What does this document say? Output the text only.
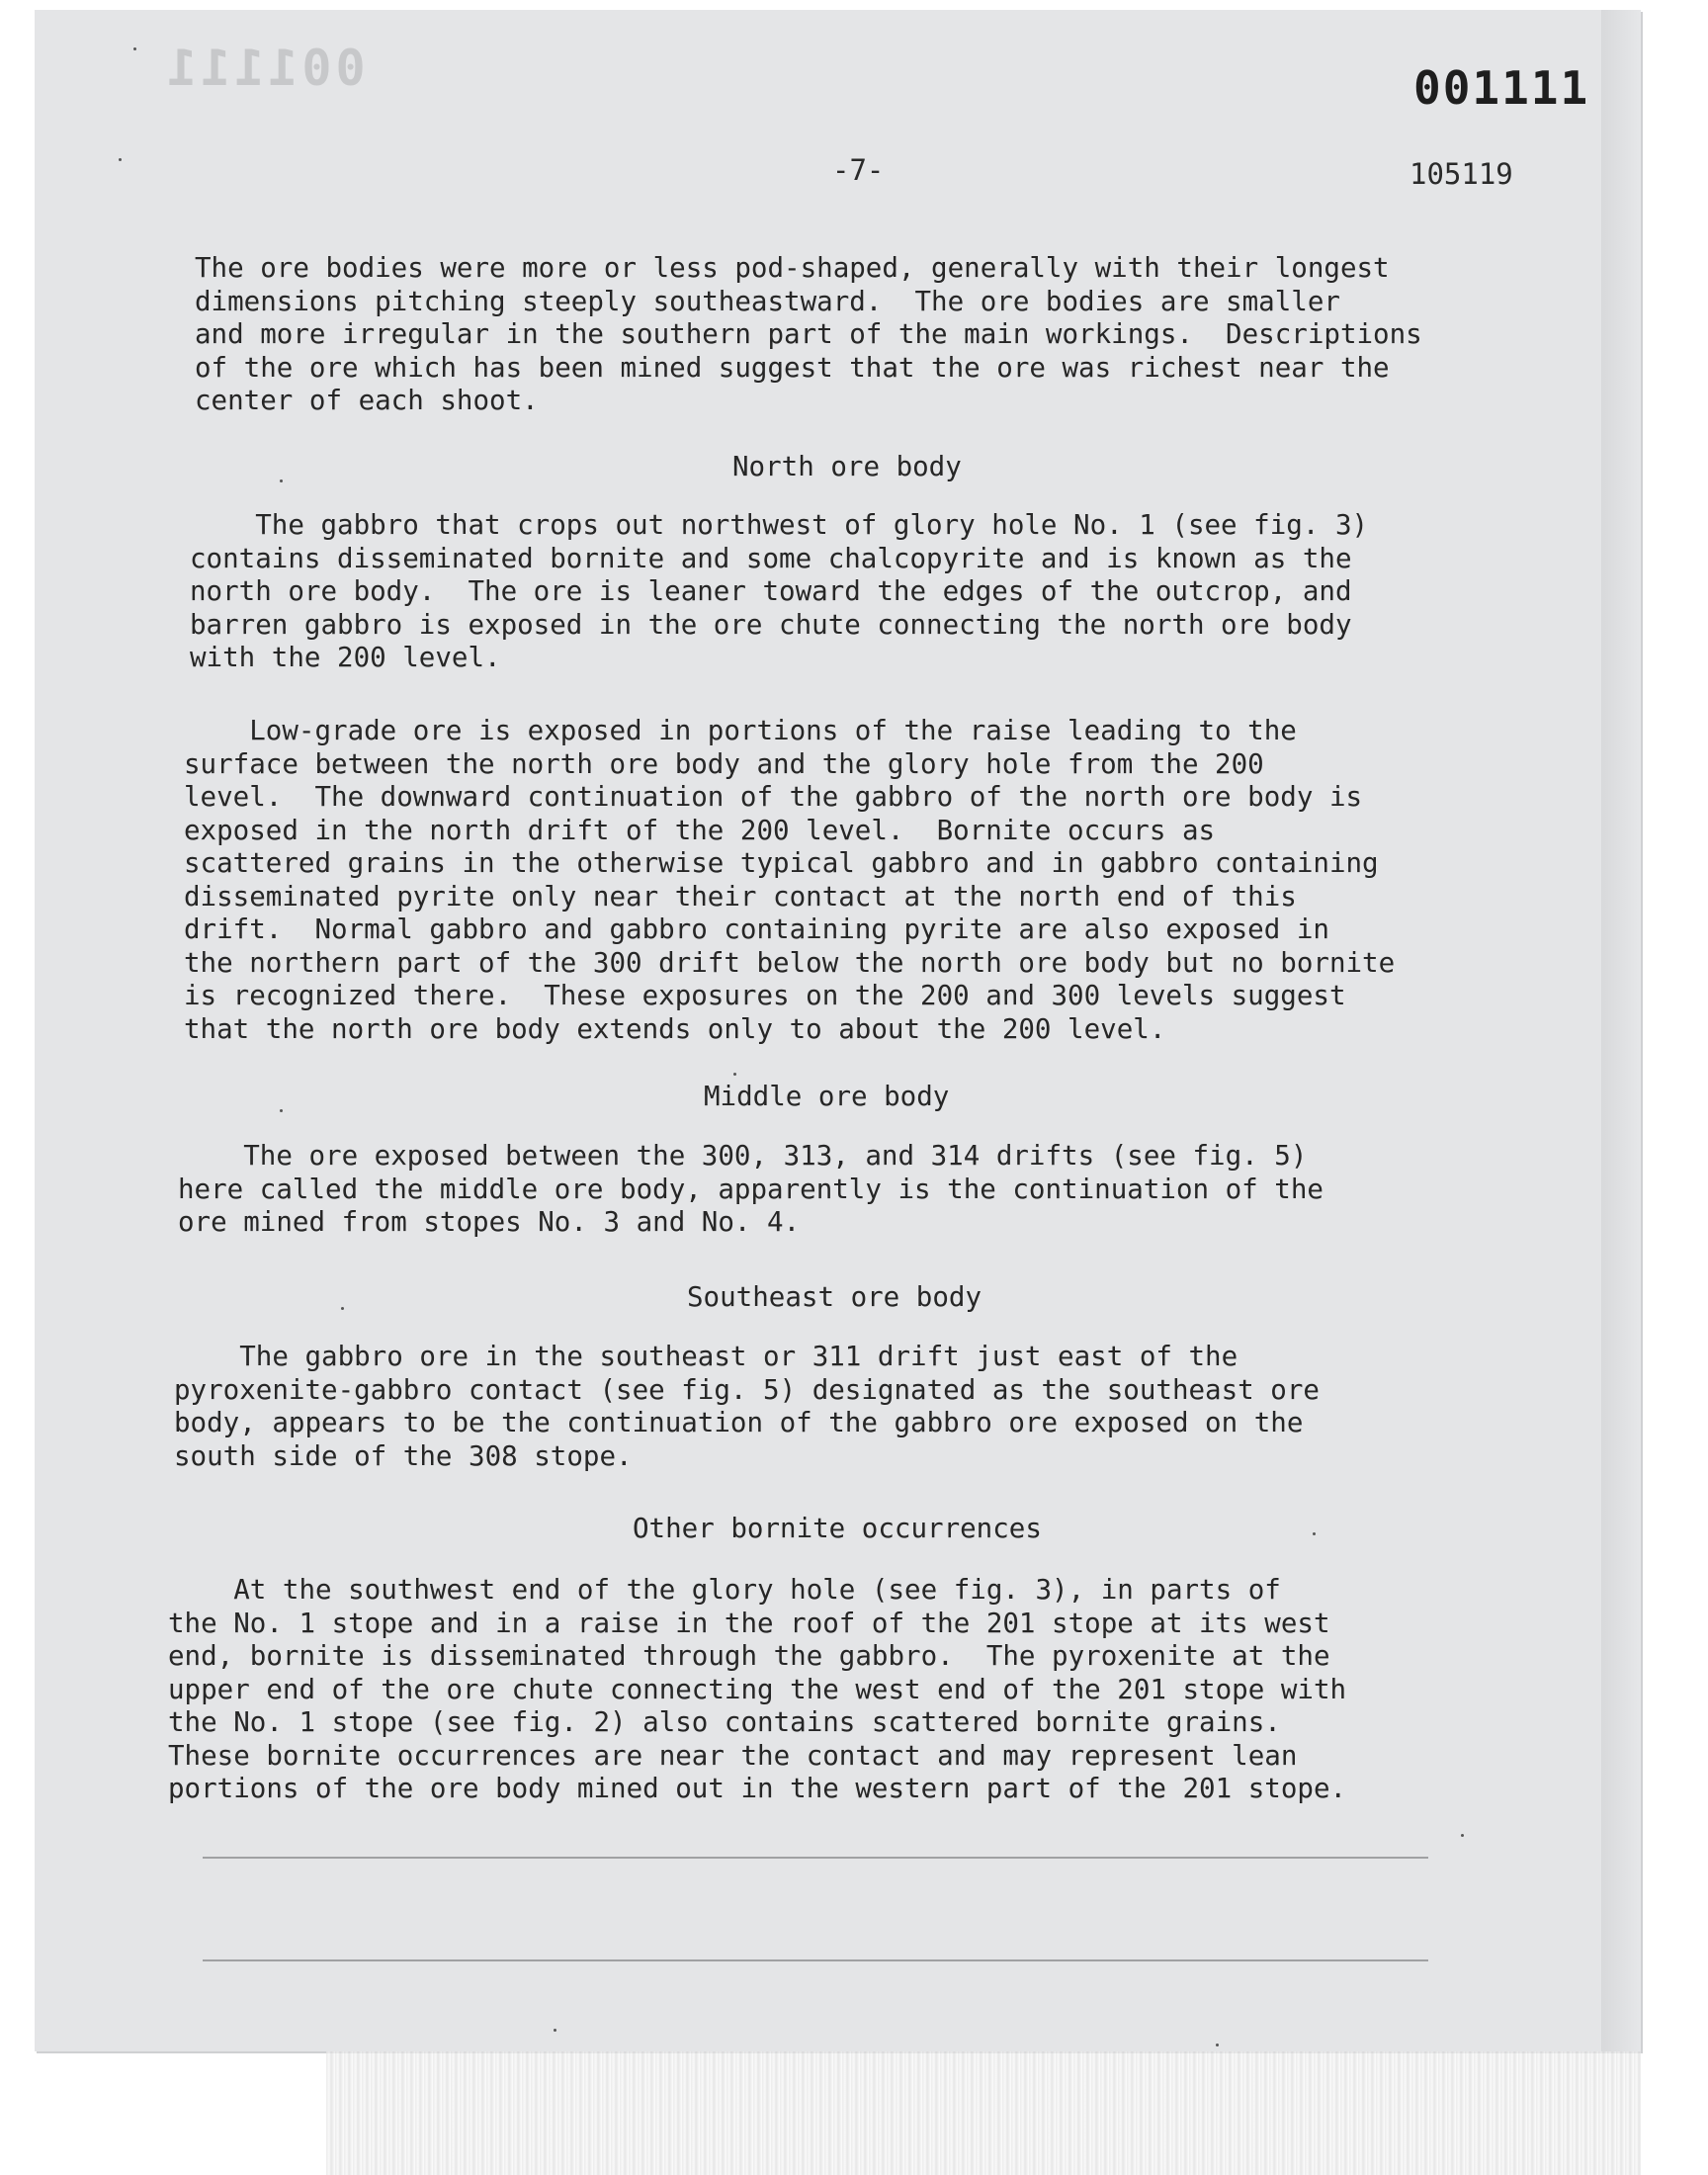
001111	001111
-7-	105119

The ore bodies were more or less pod-shaped, generally with their longest
dimensions pitching steeply southeastward.  The ore bodies are smaller
and more irregular in the southern part of the main workings.  Descriptions
of the ore which has been mined suggest that the ore was richest near the
center of each shoot.

North ore body

The gabbro that crops out northwest of glory hole No. 1 (see fig. 3)
contains disseminated bornite and some chalcopyrite and is known as the
north ore body.  The ore is leaner toward the edges of the outcrop, and
barren gabbro is exposed in the ore chute connecting the north ore body
with the 200 level.

Low-grade ore is exposed in portions of the raise leading to the
surface between the north ore body and the glory hole from the 200
level.  The downward continuation of the gabbro of the north ore body is
exposed in the north drift of the 200 level.  Bornite occurs as
scattered grains in the otherwise typical gabbro and in gabbro containing
disseminated pyrite only near their contact at the north end of this
drift.  Normal gabbro and gabbro containing pyrite are also exposed in
the northern part of the 300 drift below the north ore body but no bornite
is recognized there.  These exposures on the 200 and 300 levels suggest
that the north ore body extends only to about the 200 level.

Middle ore body

The ore exposed between the 300, 313, and 314 drifts (see fig. 5)
here called the middle ore body, apparently is the continuation of the
ore mined from stopes No. 3 and No. 4.

Southeast ore body

The gabbro ore in the southeast or 311 drift just east of the
pyroxenite-gabbro contact (see fig. 5) designated as the southeast ore
body, appears to be the continuation of the gabbro ore exposed on the
south side of the 308 stope.

Other bornite occurrences

At the southwest end of the glory hole (see fig. 3), in parts of
the No. 1 stope and in a raise in the roof of the 201 stope at its west
end, bornite is disseminated through the gabbro.  The pyroxenite at the
upper end of the ore chute connecting the west end of the 201 stope with
the No. 1 stope (see fig. 2) also contains scattered bornite grains.
These bornite occurrences are near the contact and may represent lean
portions of the ore body mined out in the western part of the 201 stope.
